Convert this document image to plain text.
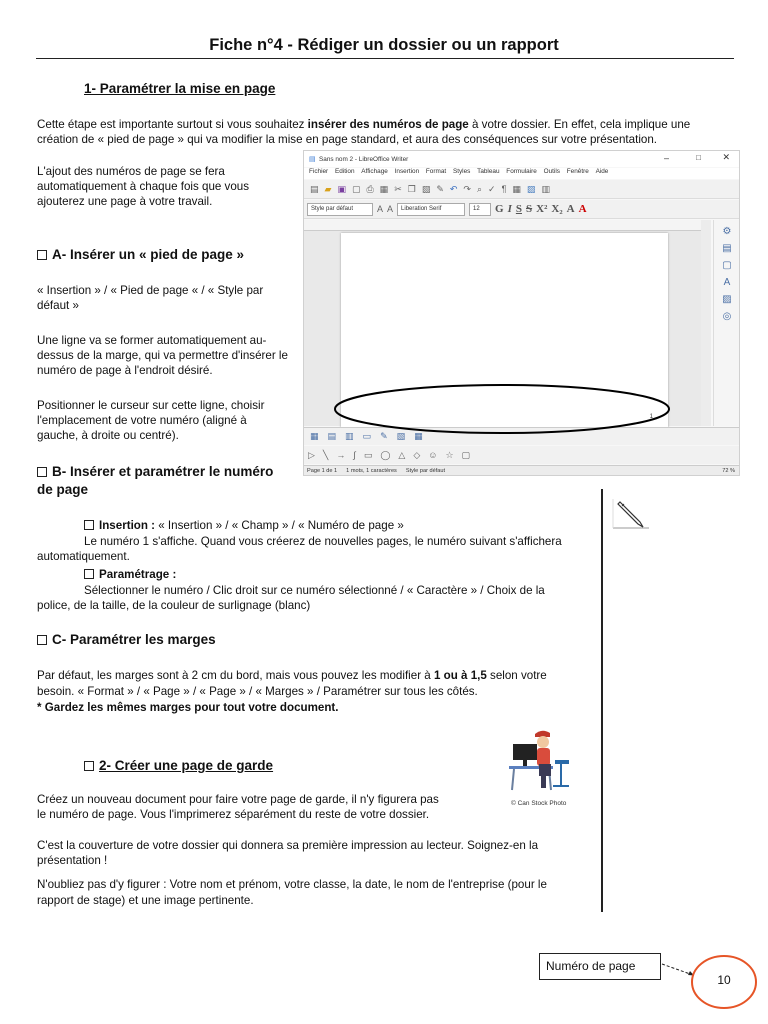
Fiche n°4 - Rédiger un dossier ou un rapport
1- Paramétrer la mise en page
Cette étape est importante surtout si vous souhaitez insérer des numéros de page à votre dossier. En effet, cela implique une
création de « pied de page » qui va modifier la mise en page standard, et aura des conséquences sur votre présentation.
L'ajout des numéros de page se fera
automatiquement à chaque fois que vous
ajouterez une page à votre travail.
A- Insérer un « pied de page »
« Insertion » / « Pied de page « / « Style par
défaut »
Une ligne va se former automatiquement au-
dessus de la marge, qui va permettre d'insérer le
numéro de page à l'endroit désiré.
Positionner le curseur sur cette ligne, choisir
l'emplacement de votre numéro (aligné à
gauche, à droite ou centré).
▤ Sans nom 2 - LibreOffice Writer	–	□ ✕
Fichier Edition Affichage Insertion Format Styles Tableau Formulaire Outils Fenêtre Aide
▤ ▰ ▣ ▢ ⎙ ▦ ✂ ❐ ▧ ✎ ↶ ↷ ⌕ ✓ ¶ ▦ ▨ ▥
Style par défaut	A A	Liberation Serif	12	G I S S X² X₂ A A
1
⚙
▤
▢
A
▨
◎
▦ ▤ ▥ ▭ ✎ ▧ ▦
▷ ╲ → ∫ ▭ ◯ △ ◇ ☺ ☆ ▢
Page 1 de 1 1 mots, 1 caractères Style par défaut	72 %
B- Insérer et paramétrer le numéro
de page
Insertion : « Insertion » / « Champ » / « Numéro de page »
Le numéro 1 s'affiche. Quand vous créerez de nouvelles pages, le numéro suivant s'affichera
automatiquement.
Paramétrage :
Sélectionner le numéro / Clic droit sur ce numéro sélectionné / « Caractère » / Choix de la
police, de la taille, de la couleur de surlignage (blanc)
C- Paramétrer les marges
Par défaut, les marges sont à 2 cm du bord, mais vous pouvez les modifier à 1 ou à 1,5 selon votre
besoin. « Format » / « Page » / « Page » / « Marges » / Paramétrer sur tous les côtés.
* Gardez les mêmes marges pour tout votre document.
2- Créer une page de garde
© Can Stock Photo
Créez un nouveau document pour faire votre page de garde, il n'y figurera pas
le numéro de page. Vous l'imprimerez séparément du reste de votre dossier.
C'est la couverture de votre dossier qui donnera sa première impression au lecteur. Soignez-en la
présentation !
N'oubliez pas d'y figurer : Votre nom et prénom, votre classe, la date, le nom de l'entreprise (pour le
rapport de stage) et une image pertinente.
Numéro de page
10
